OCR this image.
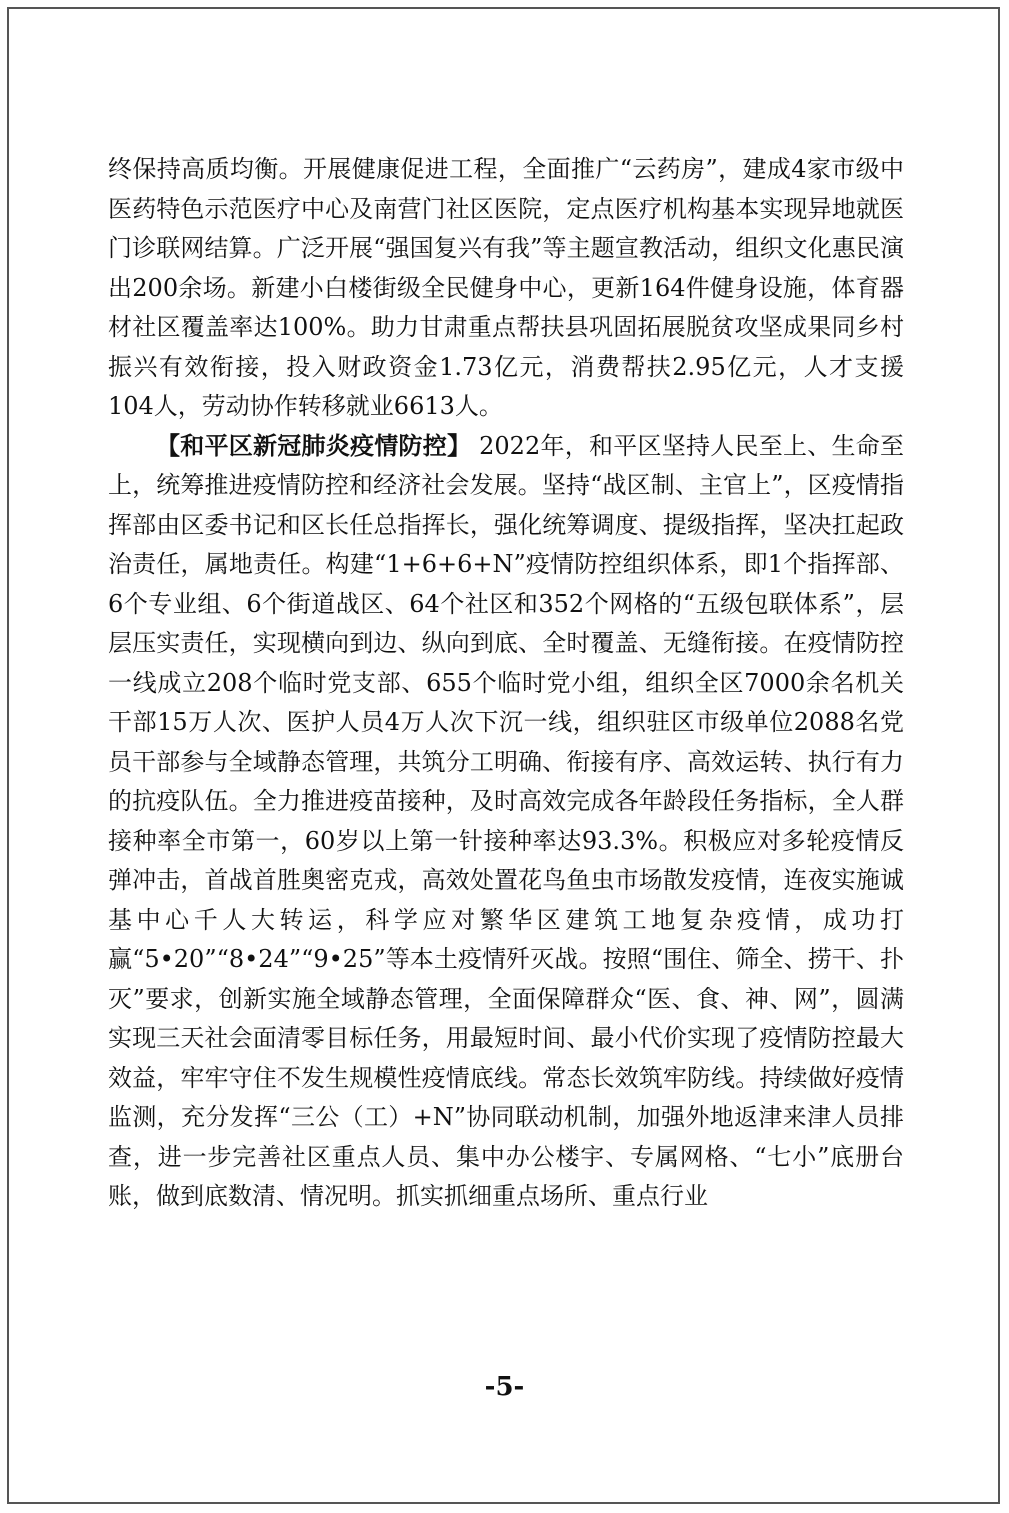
终保持高质均衡。开展健康促进工程，全面推广“云药房”，建成4家市级中医药特色示范医疗中心及南营门社区医院，定点医疗机构基本实现异地就医门诊联网结算。广泛开展“强国复兴有我”等主题宣教活动，组织文化惠民演出200余场。新建小白楼街级全民健身中心，更新164件健身设施，体育器材社区覆盖率达100%。助力甘肃重点帮扶县巩固拓展脱贫攻坚成果同乡村振兴有效衔接，投入财政资金1.73亿元，消费帮扶2.95亿元，人才支援104人，劳动协作转移就业6613人。

【和平区新冠肺炎疫情防控】 2022年，和平区坚持人民至上、生命至上，统筹推进疫情防控和经济社会发展。坚持“战区制、主官上”，区疫情指挥部由区委书记和区长任总指挥长，强化统筹调度、提级指挥，坚决扛起政治责任，属地责任。构建“1+6+6+N”疫情防控组织体系，即1个指挥部、6个专业组、6个街道战区、64个社区和352个网格的“五级包联体系”，层层压实责任，实现横向到边、纵向到底、全时覆盖、无缝衔接。在疫情防控一线成立208个临时党支部、655个临时党小组，组织全区7000余名机关干部15万人次、医护人员4万人次下沉一线，组织驻区市级单位2088名党员干部参与全域静态管理，共筑分工明确、衔接有序、高效运转、执行有力的抗疫队伍。全力推进疫苗接种，及时高效完成各年龄段任务指标，全人群接种率全市第一，60岁以上第一针接种率达93.3%。积极应对多轮疫情反弹冲击，首战首胜奥密克戎，高效处置花鸟鱼虫市场散发疫情，连夜实施诚基中心千人大转运，科学应对繁华区建筑工地复杂疫情，成功打赢“5•20”“8•24”“9•25”等本土疫情歼灭战。按照“围住、筛全、捞干、扑灭”要求，创新实施全域静态管理，全面保障群众“医、食、神、网”，圆满实现三天社会面清零目标任务，用最短时间、最小代价实现了疫情防控最大效益，牢牢守住不发生规模性疫情底线。常态长效筑牢防线。持续做好疫情监测，充分发挥“三公（工）+N”协同联动机制，加强外地返津来津人员排查，进一步完善社区重点人员、集中办公楼宇、专属网格、“七小”底册台账，做到底数清、情况明。抓实抓细重点场所、重点行业

-5-
